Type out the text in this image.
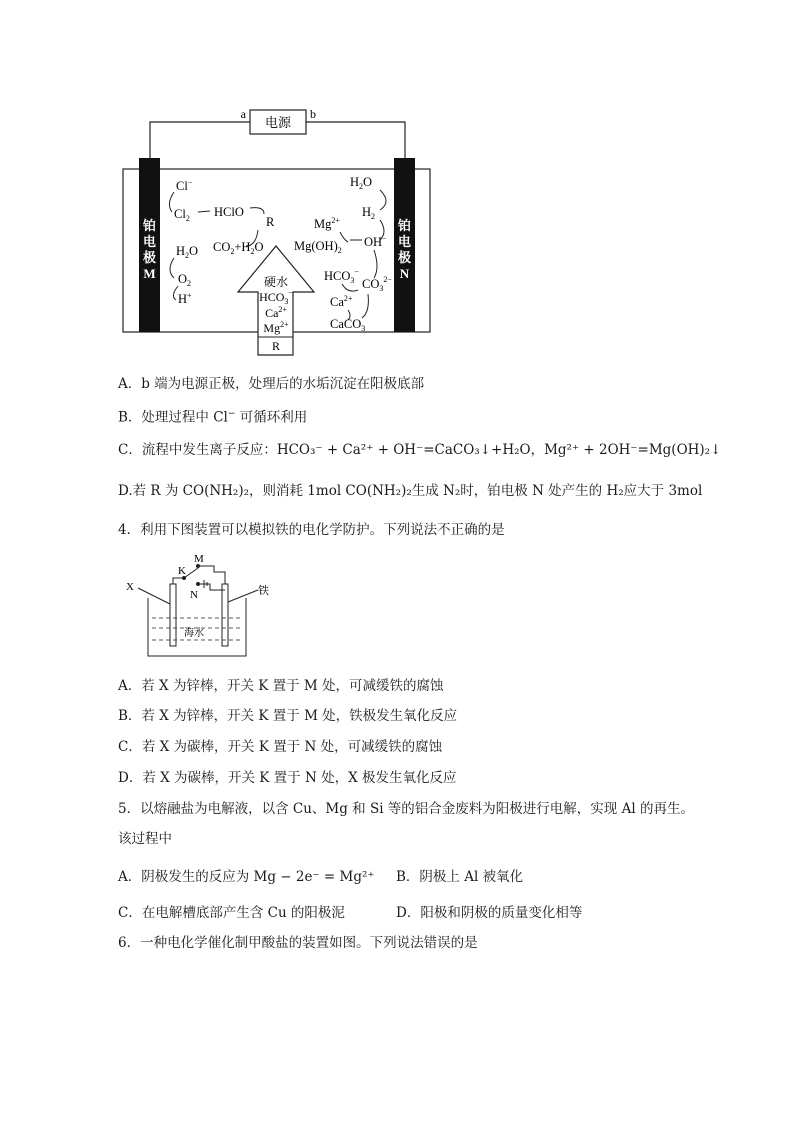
a	b
电源
铂
电
极
M
铂
电
极
N
硬水
$HCO_3^-$
$Ca^{2+}$
$Mg^{2+}$
R
Cl−
$Cl_2$ HClO
R
$CO_2+H_2O$
$H_2O$
$O_2$
H+
$H_2O$
$H_2$
$Mg^{2+}$
$Mg(OH)_2$
OH−
$HCO_3^-$
$CO_3^{2-}$
$Ca^{2+}$
CaCO$_3$
A．b 端为电源正极，处理后的水垢沉淀在阳极底部
B．处理过程中 Cl− 可循环利用
C．流程中发生离子反应：HCO₃⁻ + Ca²⁺ + OH⁻=CaCO₃↓+H₂O，Mg²⁺ + 2OH⁻=Mg(OH)₂↓
D.若 R 为 CO(NH₂)₂，则消耗 1mol CO(NH₂)₂生成 N₂时，铂电极 N 处产生的 H₂应大于 3mol
4．利用下图装置可以模拟铁的电化学防护。下列说法不正确的是
X
K
M
N	铁
海水
A．若 X 为锌棒，开关 K 置于 M 处，可减缓铁的腐蚀
B．若 X 为锌棒，开关 K 置于 M 处，铁极发生氧化反应
C．若 X 为碳棒，开关 K 置于 N 处，可减缓铁的腐蚀
D．若 X 为碳棒，开关 K 置于 N 处，X 极发生氧化反应
5．以熔融盐为电解液，以含 Cu、Mg 和 Si 等的铝合金废料为阳极进行电解，实现 Al 的再生。
该过程中
A．阴极发生的反应为 Mg − 2e⁻ = Mg²⁺ B．阴极上 Al 被氧化
C．在电解槽底部产生含 Cu 的阳极泥	D．阳极和阴极的质量变化相等
6．一种电化学催化制甲酸盐的装置如图。下列说法错误的是
